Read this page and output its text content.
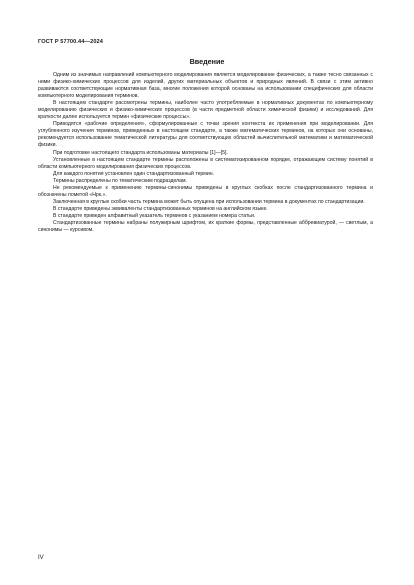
ГОСТ Р 57700.44—2024
Введение

Одним из значимых направлений компьютерного моделирования является моделирование физических, а также тесно связанных с ними физико-химических процессов для изделий, других материальных объектов и природных явлений. В связи с этим активно развиваются соответствующие нормативная база, многие положения которой основаны на использовании специфических для области компьютерного моделирования терминов.

В настоящем стандарте рассмотрены термины, наиболее часто употребляемые в нормативных документах по компьютерному моделированию физических и физико-химических процессов (в части предметной области химической физики) и исследований. Для краткости далее используется термин «физические процессы».

Приводятся «рабочие определения», сформулированные с точки зрения контекста их применения при моделировании. Для углубленного изучения терминов, приведенных в настоящем стандарте, а также математических терминов, на которых они основаны, рекомендуется использование тематической литературы для соответствующих областей вычислительной математики и математической физики.

При подготовке настоящего стандарта использованы материалы [1]—[5].

Установленные в настоящем стандарте термины расположены в систематизированном порядке, отражающем систему понятий в области компьютерного моделирования физических процессов.

Для каждого понятия установлен один стандартизованный термин.

Термины распределены по тематическим подразделам.

Не рекомендуемые к применению термины-синонимы приведены в круглых скобках после стандартизованного термина и обозначены пометой «Нрк.».

Заключенная в круглые скобки часть термина может быть опущена при использовании термина в документах по стандартизации.

В стандарте приведены эквиваленты стандартизованных терминов на английском языке.

В стандарте приведен алфавитный указатель терминов с указанием номера статьи.

Стандартизованные термины набраны полужирным шрифтом, их краткие формы, представленные аббревиатурой, — светлым, а синонимы — курсивом.

IV
